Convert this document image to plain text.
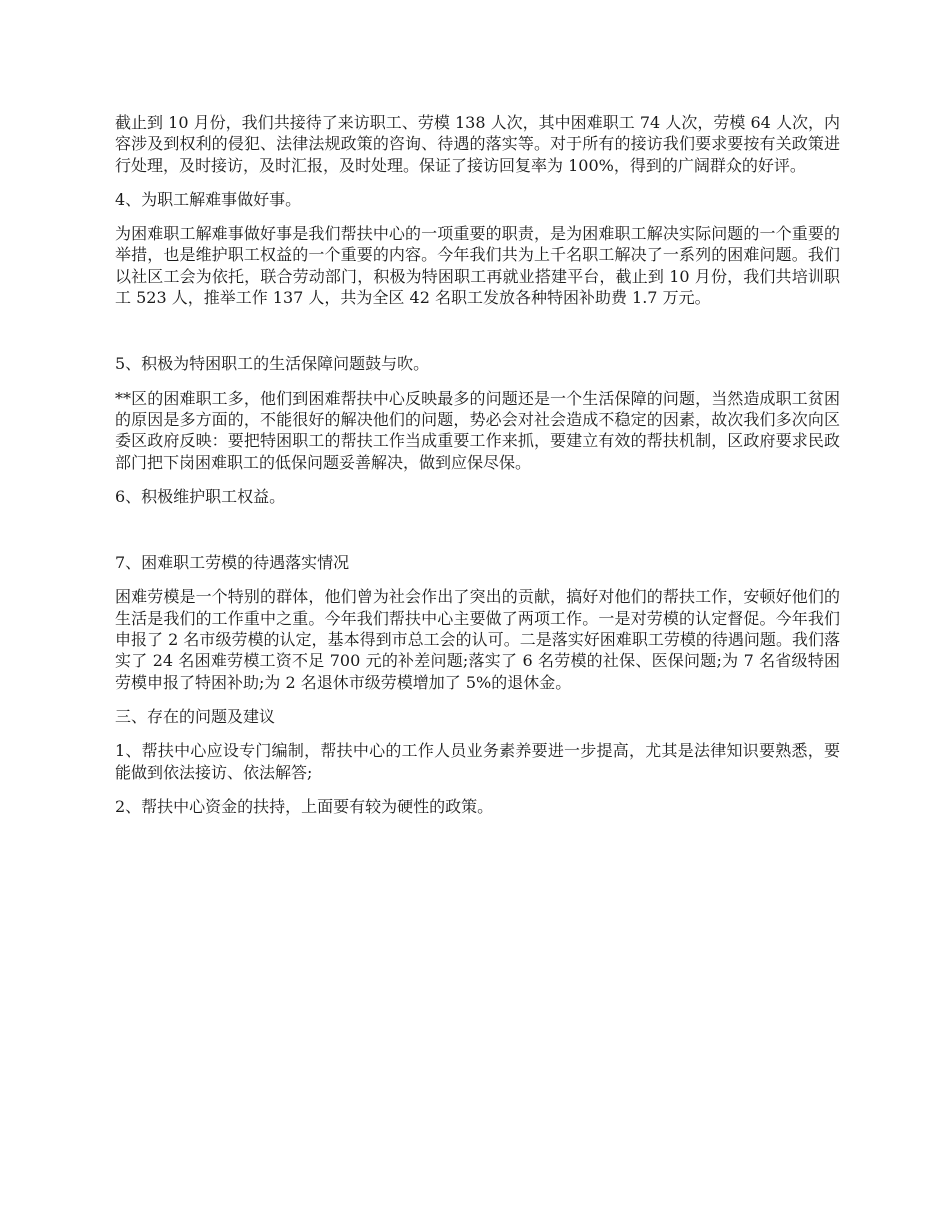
截止到 10 月份，我们共接待了来访职工、劳模 138 人次，其中困难职工 74 人次，劳模 64 人次，内容涉及到权利的侵犯、法律法规政策的咨询、待遇的落实等。对于所有的接访我们要求要按有关政策进行处理，及时接访，及时汇报，及时处理。保证了接访回复率为 100%，得到的广阔群众的好评。

4、为职工解难事做好事。

为困难职工解难事做好事是我们帮扶中心的一项重要的职责，是为困难职工解决实际问题的一个重要的举措，也是维护职工权益的一个重要的内容。今年我们共为上千名职工解决了一系列的困难问题。我们以社区工会为依托，联合劳动部门，积极为特困职工再就业搭建平台，截止到 10 月份，我们共培训职工 523 人，推举工作 137 人，共为全区 42 名职工发放各种特困补助费 1.7 万元。

5、积极为特困职工的生活保障问题鼓与吹。

**区的困难职工多，他们到困难帮扶中心反映最多的问题还是一个生活保障的问题，当然造成职工贫困的原因是多方面的，不能很好的解决他们的问题，势必会对社会造成不稳定的因素，故次我们多次向区委区政府反映：要把特困职工的帮扶工作当成重要工作来抓，要建立有效的帮扶机制，区政府要求民政部门把下岗困难职工的低保问题妥善解决，做到应保尽保。

6、积极维护职工权益。

7、困难职工劳模的待遇落实情况

困难劳模是一个特别的群体，他们曾为社会作出了突出的贡献，搞好对他们的帮扶工作，安顿好他们的生活是我们的工作重中之重。今年我们帮扶中心主要做了两项工作。一是对劳模的认定督促。今年我们申报了 2 名市级劳模的认定，基本得到市总工会的认可。二是落实好困难职工劳模的待遇问题。我们落实了 24 名困难劳模工资不足 700 元的补差问题;落实了 6 名劳模的社保、医保问题;为 7 名省级特困劳模申报了特困补助;为 2 名退休市级劳模增加了 5%的退休金。

三、存在的问题及建议

1、帮扶中心应设专门编制，帮扶中心的工作人员业务素养要进一步提高，尤其是法律知识要熟悉，要能做到依法接访、依法解答;

2、帮扶中心资金的扶持，上面要有较为硬性的政策。
